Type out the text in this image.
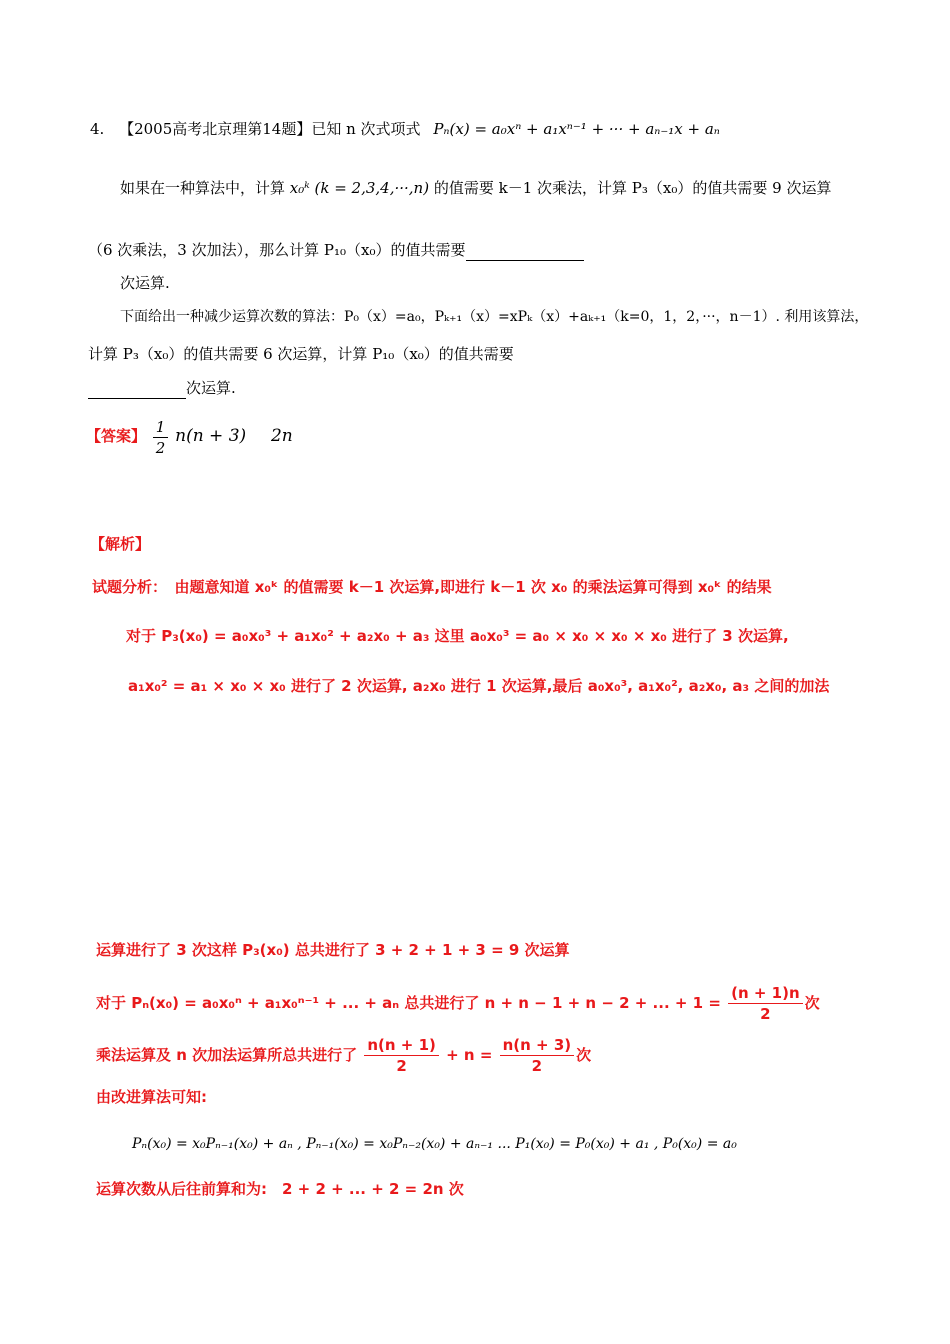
4. 【2005高考北京理第14题】已知 n 次式项式 Pₙ(x) = a₀xⁿ + a₁xⁿ⁻¹ + ··· + aₙ₋₁x + aₙ
如果在一种算法中，计算 x₀ᵏ (k = 2,3,4,···,n) 的值需要 k－1 次乘法，计算 P₃（x₀）的值共需要 9 次运算
（6 次乘法，3 次加法），那么计算 P₁₀（x₀）的值共需要
次运算.
下面给出一种减少运算次数的算法：P₀（x）=a₀，Pₖ₊₁（x）=xPₖ（x）+aₖ₊₁（k=0，1，2，···，n－1）. 利用该算法，
计算 P₃（x₀）的值共需要 6 次运算，计算 P₁₀（x₀）的值共需要
次运算.
【答案】 $\frac{1}{2} n(n + 3)$ 2n
【解析】
试题分析：　由题意知道 x₀ᵏ 的值需要 k－1 次运算,即进行 k－1 次 x₀ 的乘法运算可得到 x₀ᵏ 的结果
对于 P₃(x₀) = a₀x₀³ + a₁x₀² + a₂x₀ + a₃ 这里 a₀x₀³ = a₀ × x₀ × x₀ × x₀ 进行了 3 次运算,
a₁x₀² = a₁ × x₀ × x₀ 进行了 2 次运算, a₂x₀ 进行 1 次运算,最后 a₀x₀³, a₁x₀², a₂x₀, a₃ 之间的加法
运算进行了 3 次这样 P₃(x₀) 总共进行了 3 + 2 + 1 + 3 = 9 次运算
对于 Pₙ(x₀) = a₀x₀ⁿ + a₁x₀ⁿ⁻¹ + ... + aₙ 总共进行了 n + n − 1 + n − 2 + ... + $1 = \frac{(n + 1)n}{2}$ 次
乘法运算及 n 次加法运算所总共进行了 $\frac{n(n + 1)}{2} + n = \frac{n(n + 3)}{2}$ 次
由改进算法可知:
Pₙ(x₀) = x₀Pₙ₋₁(x₀) + aₙ , Pₙ₋₁(x₀) = x₀Pₙ₋₂(x₀) + aₙ₋₁ ... P₁(x₀) = P₀(x₀) + a₁ , P₀(x₀) = a₀
运算次数从后往前算和为:　2 + 2 + ... + 2 = 2n 次
